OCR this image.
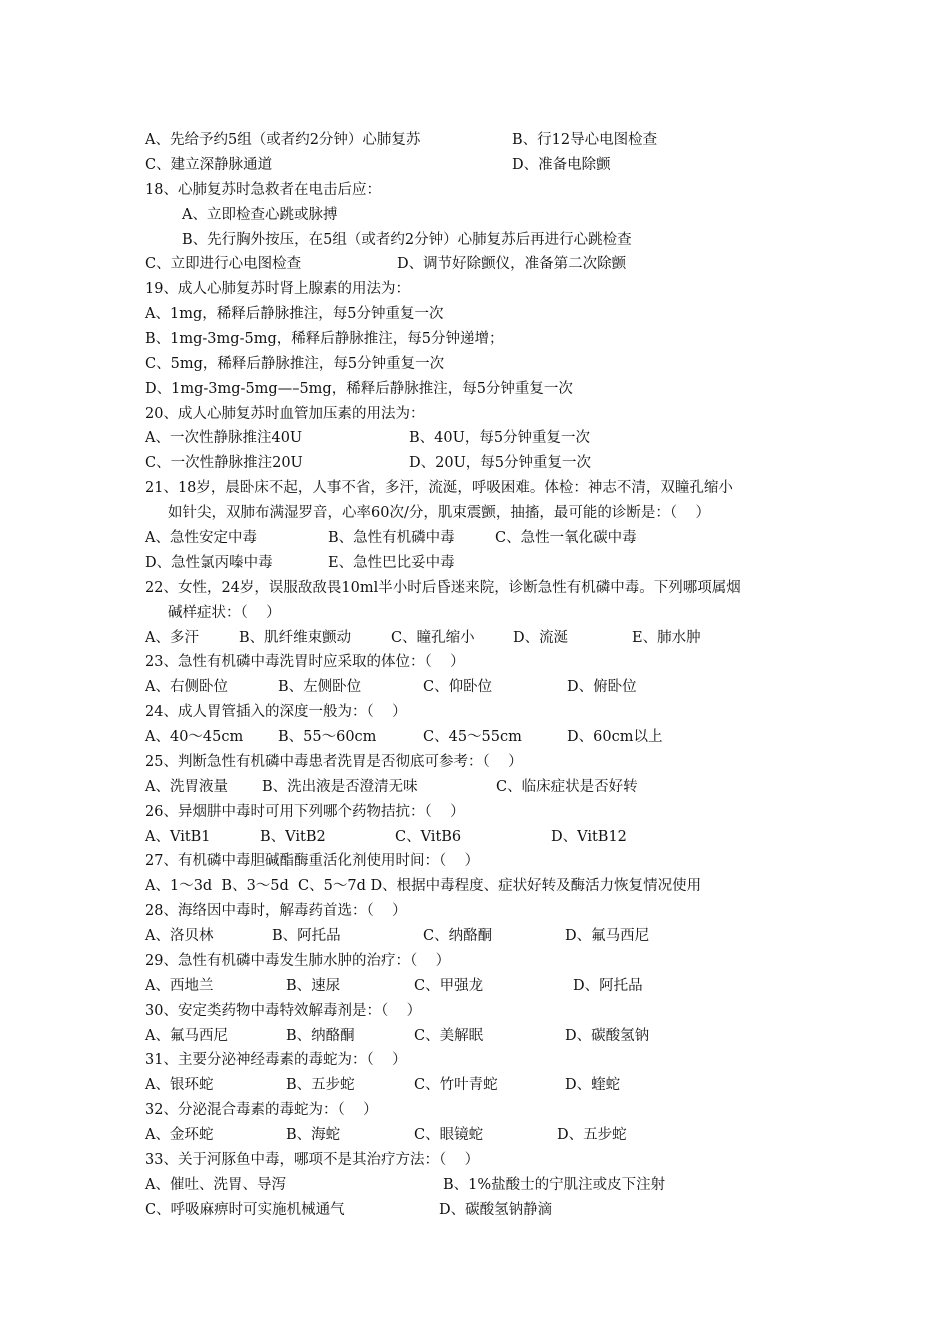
A、先给予约5组（或者约2分钟）心肺复苏	B、行12导心电图检查
C、建立深静脉通道	D、准备电除颤
18、心肺复苏时急救者在电击后应：
A、立即检查心跳或脉搏
B、先行胸外按压，在5组（或者约2分钟）心肺复苏后再进行心跳检查
C、立即进行心电图检查	D、调节好除颤仪，准备第二次除颤
19、成人心肺复苏时肾上腺素的用法为：
A、1mg，稀释后静脉推注，每5分钟重复一次
B、1mg-3mg-5mg，稀释后静脉推注，每5分钟递增；
C、5mg，稀释后静脉推注，每5分钟重复一次
D、1mg-3mg-5mg—–5mg，稀释后静脉推注，每5分钟重复一次
20、成人心肺复苏时血管加压素的用法为：
A、一次性静脉推注40U	B、40U，每5分钟重复一次
C、一次性静脉推注20U	D、20U，每5分钟重复一次
21、18岁，晨卧床不起，人事不省，多汗，流涎，呼吸困难。体检：神志不清，双瞳孔缩小
如针尖，双肺布满湿罗音，心率60次/分，肌束震颤，抽搐，最可能的诊断是：（    ）
A、急性安定中毒	B、急性有机磷中毒	C、急性一氧化碳中毒
D、急性氯丙嗪中毒	E、急性巴比妥中毒
22、女性，24岁，误服敌敌畏10ml半小时后昏迷来院，诊断急性有机磷中毒。下列哪项属烟
碱样症状：（    ）
A、多汗	B、肌纤维束颤动	C、瞳孔缩小	D、流涎	E、肺水肿
23、急性有机磷中毒洗胃时应采取的体位：（    ）
A、右侧卧位	B、左侧卧位	C、仰卧位	D、俯卧位
24、成人胃管插入的深度一般为：（    ）
A、40～45cm B、55～60cm	C、45～55cm	D、60cm以上
25、判断急性有机磷中毒患者洗胃是否彻底可参考：（    ）
A、洗胃液量 B、洗出液是否澄清无味	C、临床症状是否好转
26、异烟肼中毒时可用下列哪个药物拮抗：（    ）
A、VitB1	B、VitB2	C、VitB6	D、VitB12
27、有机磷中毒胆碱酯酶重活化剂使用时间：（    ）
A、1～3d  B、3～5d  C、5～7d D、根据中毒程度、症状好转及酶活力恢复情况使用
28、海络因中毒时，解毒药首选：（    ）
A、洛贝林	B、阿托品	C、纳酪酮	D、氟马西尼
29、急性有机磷中毒发生肺水肿的治疗：（    ）
A、西地兰	B、速尿	C、甲强龙	D、阿托品
30、安定类药物中毒特效解毒剂是：（    ）
A、氟马西尼	B、纳酪酮	C、美解眠	D、碳酸氢钠
31、主要分泌神经毒素的毒蛇为：（    ）
A、银环蛇	B、五步蛇	C、竹叶青蛇	D、蝰蛇
32、分泌混合毒素的毒蛇为：（    ）
A、金环蛇	B、海蛇	C、眼镜蛇	D、五步蛇
33、关于河豚鱼中毒，哪项不是其治疗方法：（    ）
A、催吐、洗胃、导泻	B、1%盐酸士的宁肌注或皮下注射
C、呼吸麻痹时可实施机械通气	D、碳酸氢钠静滴
